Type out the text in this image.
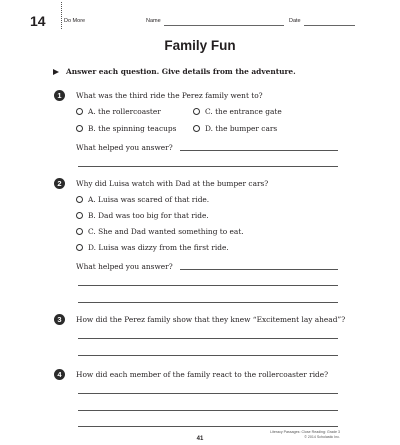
14	Do More	Name	Date
Family Fun
Answer each question. Give details from the adventure.
1	What was the third ride the Perez family went to?
A. the rollercoaster	C. the entrance gate
B. the spinning teacups	D. the bumper cars
What helped you answer?
2	Why did Luisa watch with Dad at the bumper cars?
A. Luisa was scared of that ride.
B. Dad was too big for that ride.
C. She and Dad wanted something to eat.
D. Luisa was dizzy from the first ride.
What helped you answer?
3	How did the Perez family show that they knew “Excitement lay ahead”?
4	How did each member of the family react to the rollercoaster ride?
41
Literacy Passages: Close Reading: Grade 3
© 2014 Scholastic Inc.
